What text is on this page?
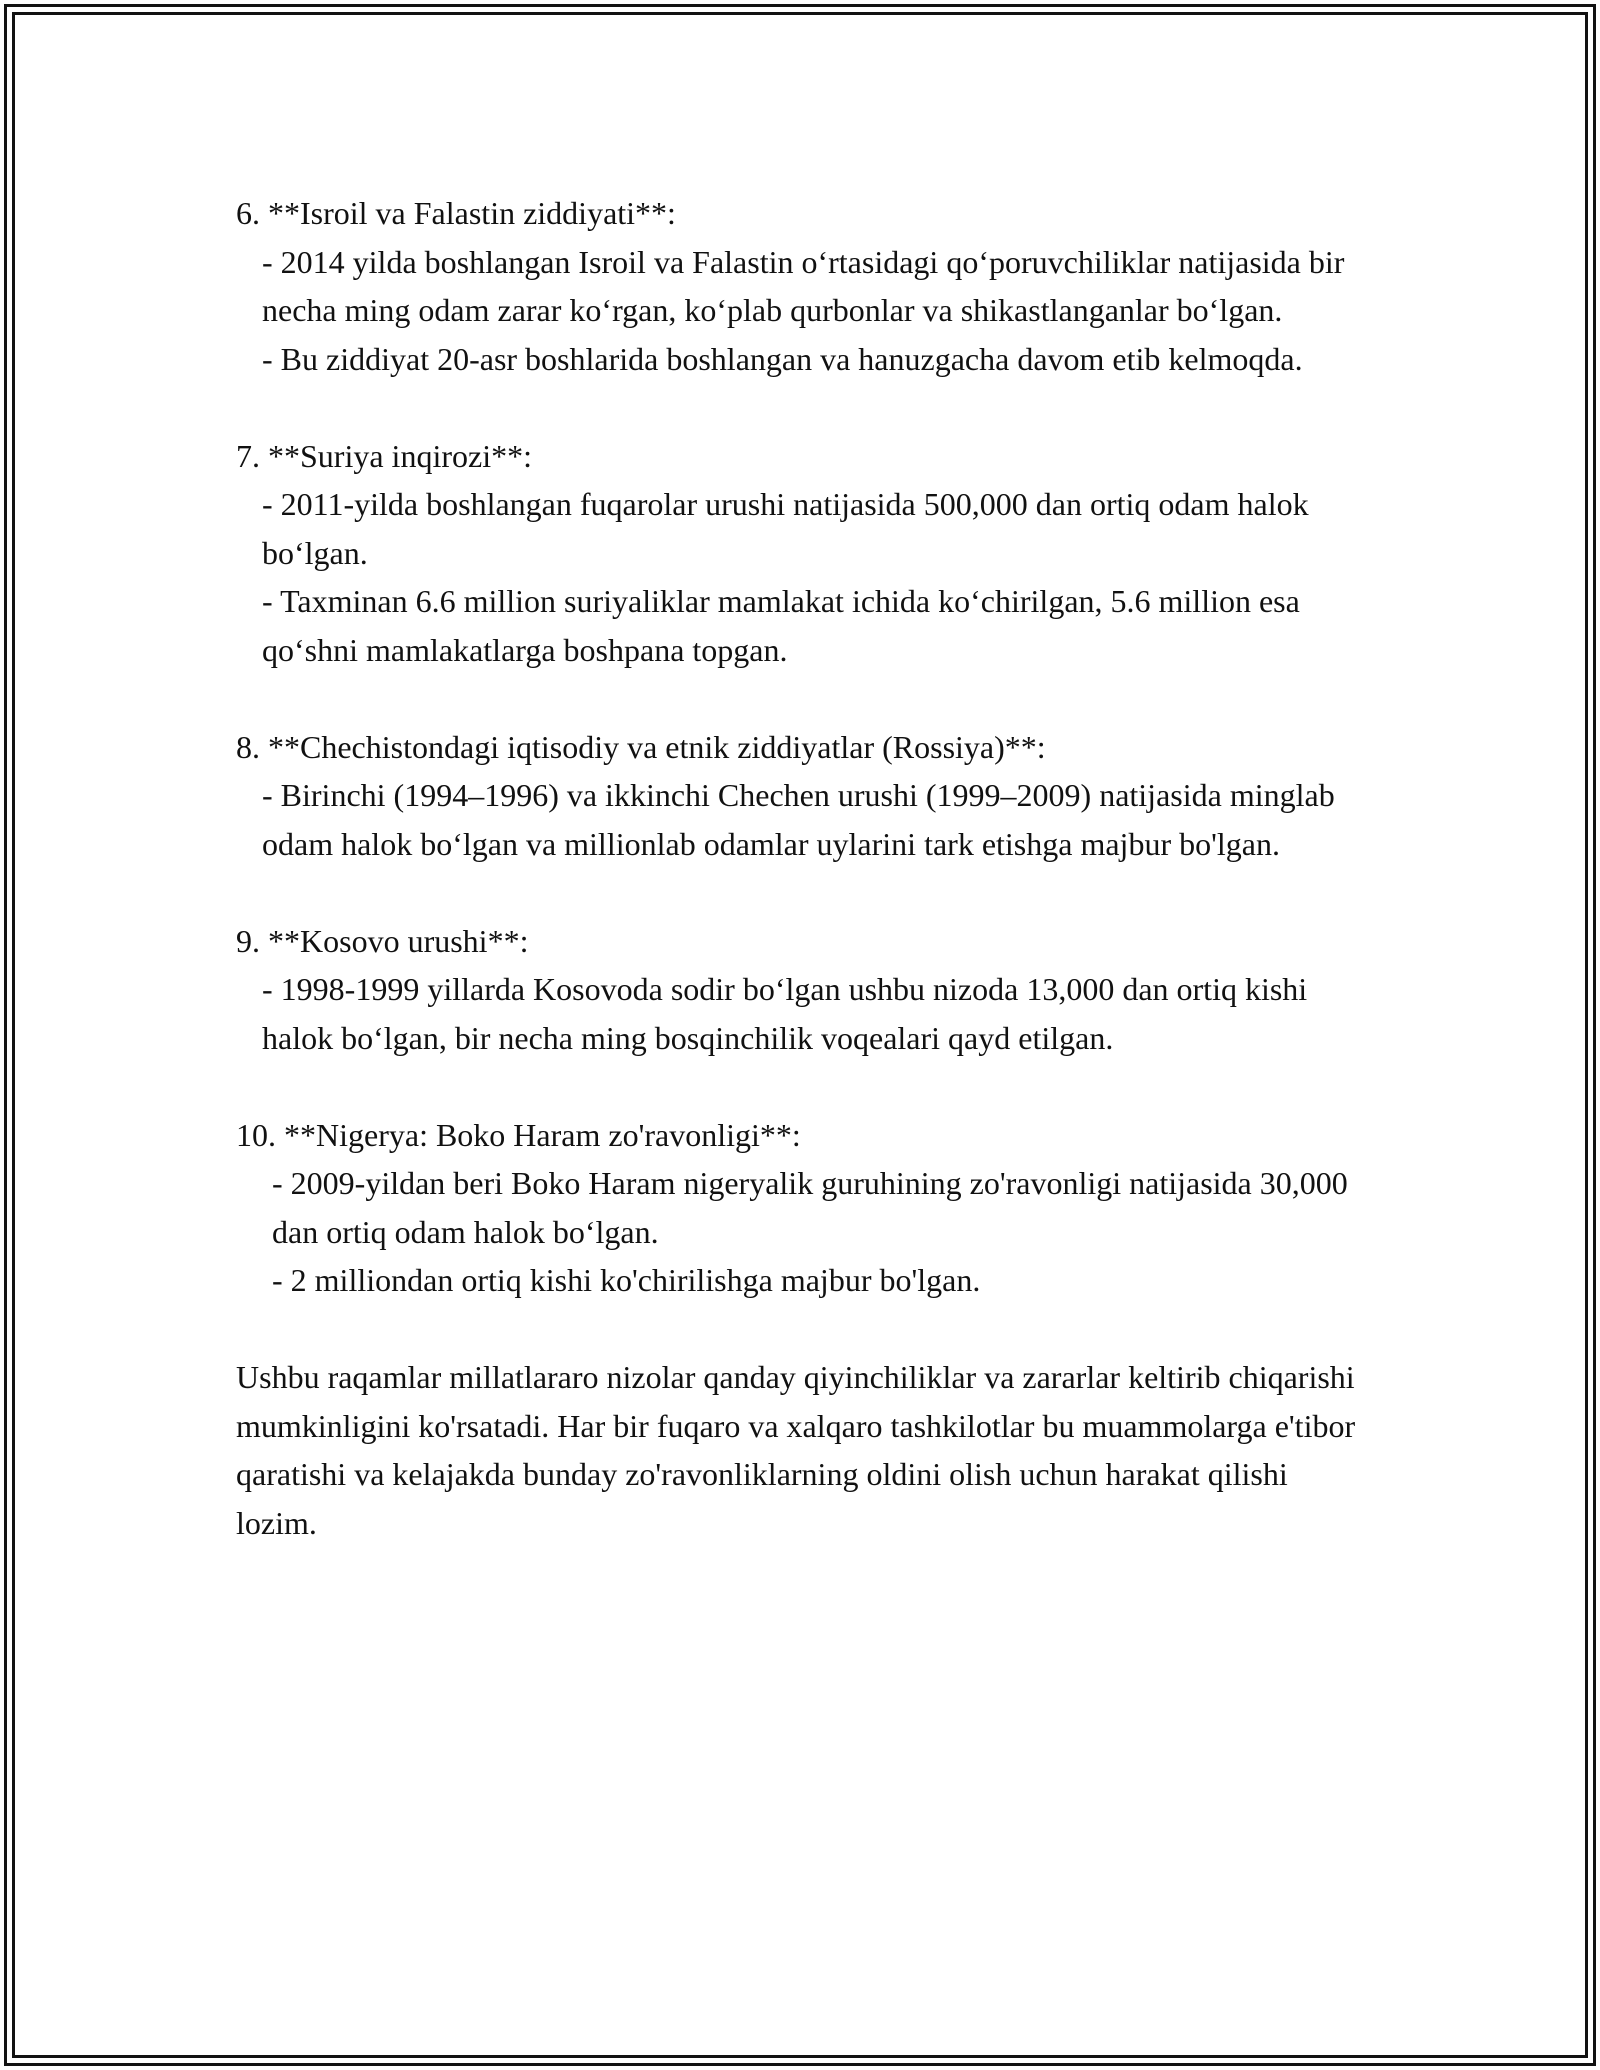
6. **Isroil va Falastin ziddiyati**:
- 2014 yilda boshlangan Isroil va Falastin oʻrtasidagi qoʻporuvchiliklar natijasida bir necha ming odam zarar koʻrgan, koʻplab qurbonlar va shikastlanganlar boʻlgan.
- Bu ziddiyat 20-asr boshlarida boshlangan va hanuzgacha davom etib kelmoqda.
7. **Suriya inqirozi**:
- 2011-yilda boshlangan fuqarolar urushi natijasida 500,000 dan ortiq odam halok boʻlgan.
- Taxminan 6.6 million suriyaliklar mamlakat ichida koʻchirilgan, 5.6 million esa qoʻshni mamlakatlarga boshpana topgan.
8. **Chechistondagi iqtisodiy va etnik ziddiyatlar (Rossiya)**:
- Birinchi (1994–1996) va ikkinchi Chechen urushi (1999–2009) natijasida minglab odam halok boʻlgan va millionlab odamlar uylarini tark etishga majbur bo'lgan.
9. **Kosovo urushi**:
- 1998-1999 yillarda Kosovoda sodir boʻlgan ushbu nizoda 13,000 dan ortiq kishi halok boʻlgan, bir necha ming bosqinchilik voqealari qayd etilgan.
10. **Nigerya: Boko Haram zo'ravonligi**:
- 2009-yildan beri Boko Haram nigeryalik guruhining zo'ravonligi natijasida 30,000 dan ortiq odam halok boʻlgan.
- 2 milliondan ortiq kishi ko'chirilishga majbur bo'lgan.
Ushbu raqamlar millatlararo nizolar qanday qiyinchiliklar va zararlar keltirib chiqarishi mumkinligini ko'rsatadi. Har bir fuqaro va xalqaro tashkilotlar bu muammolarga e'tibor qaratishi va kelajakda bunday zo'ravonliklarning oldini olish uchun harakat qilishi lozim.
